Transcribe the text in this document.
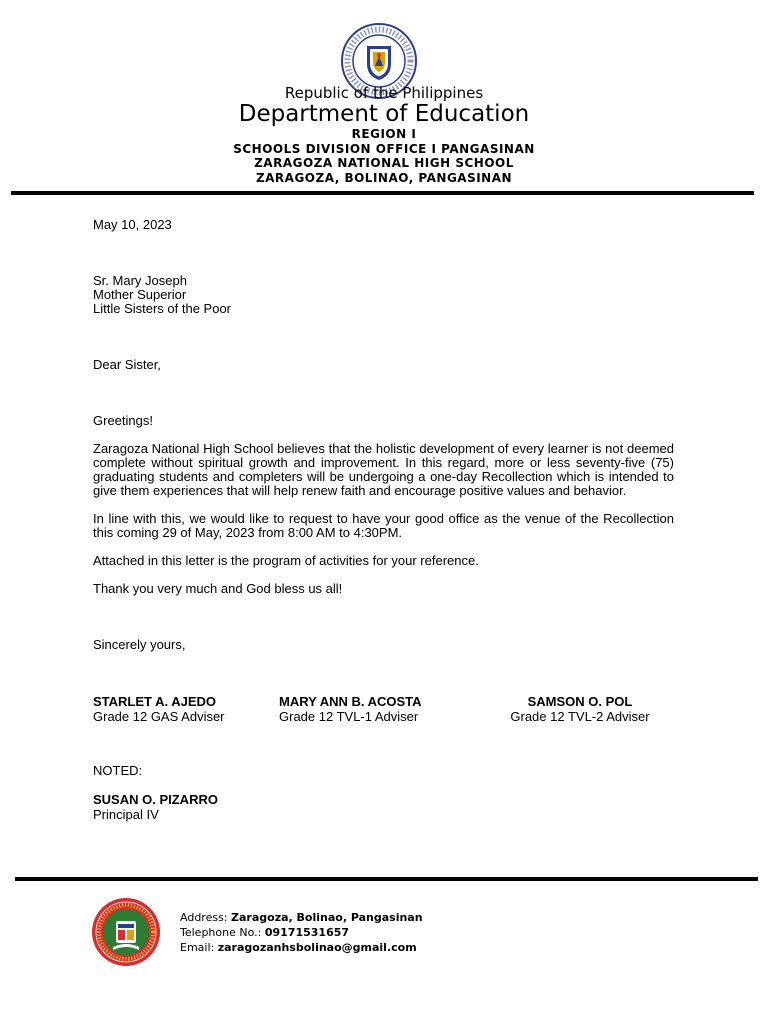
Republic of the Philippines
Department of Education
REGION I
SCHOOLS DIVISION OFFICE I PANGASINAN
ZARAGOZA NATIONAL HIGH SCHOOL
ZARAGOZA, BOLINAO, PANGASINAN
May 10, 2023
Sr. Mary Joseph
Mother Superior
Little Sisters of the Poor
Dear Sister,
Greetings!
Zaragoza National High School believes that the holistic development of every learner is not deemed complete without spiritual growth and improvement. In this regard, more or less seventy-five (75) graduating students and completers will be undergoing a one-day Recollection which is intended to give them experiences that will help renew faith and encourage positive values and behavior.
In line with this, we would like to request to have your good office as the venue of the Recollection this coming 29 of May, 2023 from 8:00 AM to 4:30PM.
Attached in this letter is the program of activities for your reference.
Thank you very much and God bless us all!
Sincerely yours,
STARLET A. AJEDO
Grade 12 GAS Adviser
MARY ANN B. ACOSTA
Grade 12 TVL-1 Adviser
SAMSON O. POL
Grade 12 TVL-2 Adviser
NOTED:
SUSAN O. PIZARRO
Principal IV
Address: Zaragoza, Bolinao, Pangasinan
Telephone No.: 09171531657
Email: zaragozanhsbolinao@gmail.com
